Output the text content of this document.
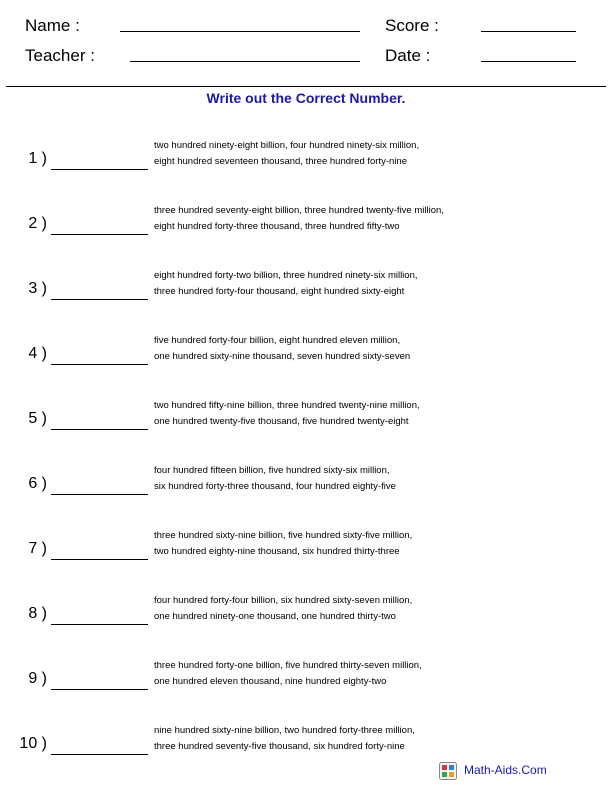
Name :
Teacher :
Score :
Date :
Write out the Correct Number.
1 )
two hundred ninety-eight billion, four hundred ninety-six million,
eight hundred seventeen thousand, three hundred forty-nine
2 )
three hundred seventy-eight billion, three hundred twenty-five million,
eight hundred forty-three thousand, three hundred fifty-two
3 )
eight hundred forty-two billion, three hundred ninety-six million,
three hundred forty-four thousand, eight hundred sixty-eight
4 )
five hundred forty-four billion, eight hundred eleven million,
one hundred sixty-nine thousand, seven hundred sixty-seven
5 )
two hundred fifty-nine billion, three hundred twenty-nine million,
one hundred twenty-five thousand, five hundred twenty-eight
6 )
four hundred fifteen billion, five hundred sixty-six million,
six hundred forty-three thousand, four hundred eighty-five
7 )
three hundred sixty-nine billion, five hundred sixty-five million,
two hundred eighty-nine thousand, six hundred thirty-three
8 )
four hundred forty-four billion, six hundred sixty-seven million,
one hundred ninety-one thousand, one hundred thirty-two
9 )
three hundred forty-one billion, five hundred thirty-seven million,
one hundred eleven thousand, nine hundred eighty-two
10 )
nine hundred sixty-nine billion, two hundred forty-three million,
three hundred seventy-five thousand, six hundred forty-nine
Math-Aids.Com
